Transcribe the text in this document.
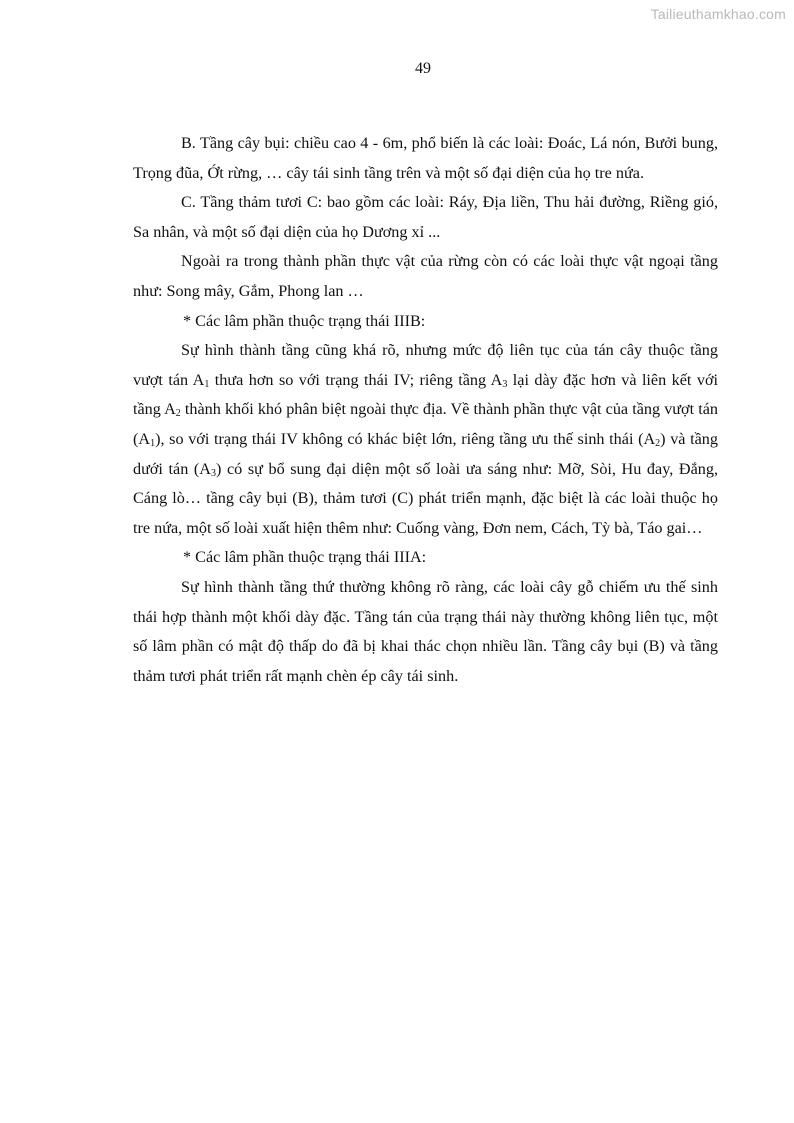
Tailieuthamkhao.com
49

B. Tầng cây bụi: chiều cao 4 - 6m, phổ biến là các loài: Đoác, Lá nón, Bưởi bung, Trọng đũa, Ớt rừng, … cây tái sinh tầng trên và một số đại diện của họ tre nứa.

C. Tầng thảm tươi C: bao gồm các loài: Ráy, Địa liền, Thu hải đường, Riềng gió, Sa nhân, và một số đại diện của họ Dương xỉ ...

Ngoài ra trong thành phần thực vật của rừng còn có các loài thực vật ngoại tầng như: Song mây, Gắm, Phong lan …

* Các lâm phần thuộc trạng thái IIIB:

Sự hình thành tầng cũng khá rõ, nhưng mức độ liên tục của tán cây thuộc tầng vượt tán $A_1$ thưa hơn so với trạng thái IV; riêng tầng $A_3$ lại dày đặc hơn và liên kết với tầng $A_2$ thành khối khó phân biệt ngoài thực địa. Về thành phần thực vật của tầng vượt tán $(A_1)$, so với trạng thái IV không có khác biệt lớn, riêng tầng ưu thế sinh thái $(A_2)$ và tầng dưới tán $(A_3)$ có sự bổ sung đại diện một số loài ưa sáng như: Mỡ, Sòi, Hu đay, Đắng, Cáng lò… tầng cây bụi (B), thảm tươi (C) phát triển mạnh, đặc biệt là các loài thuộc họ tre nứa, một số loài xuất hiện thêm như: Cuống vàng, Đơn nem, Cách, Tỳ bà, Táo gai…

* Các lâm phần thuộc trạng thái IIIA:

Sự hình thành tầng thứ thường không rõ ràng, các loài cây gỗ chiếm ưu thế sinh thái hợp thành một khối dày đặc. Tầng tán của trạng thái này thường không liên tục, một số lâm phần có mật độ thấp do đã bị khai thác chọn nhiều lần. Tầng cây bụi (B) và tầng thảm tươi phát triển rất mạnh chèn ép cây tái sinh.
